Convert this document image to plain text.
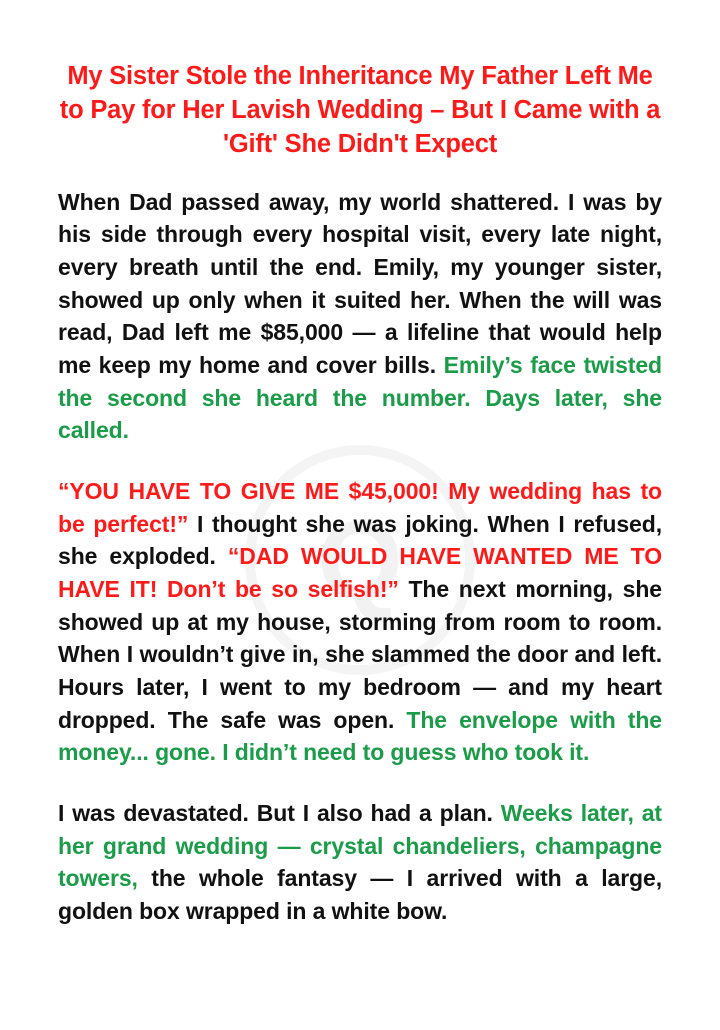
Q
My Sister Stole the Inheritance My Father Left Me to Pay for Her Lavish Wedding – But I Came with a 'Gift' She Didn't Expect

When Dad passed away, my world shattered. I was by his side through every hospital visit, every late night, every breath until the end. Emily, my younger sister, showed up only when it suited her. When the will was read, Dad left me $85,000 — a lifeline that would help me keep my home and cover bills. Emily’s face twisted the second she heard the number. Days later, she called.

“YOU HAVE TO GIVE ME $45,000! My wedding has to be perfect!” I thought she was joking. When I refused, she exploded. “DAD WOULD HAVE WANTED ME TO HAVE IT! Don’t be so selfish!” The next morning, she showed up at my house, storming from room to room. When I wouldn’t give in, she slammed the door and left. Hours later, I went to my bedroom — and my heart dropped. The safe was open. The envelope with the money... gone. I didn’t need to guess who took it.

I was devastated. But I also had a plan. Weeks later, at her grand wedding — crystal chandeliers, champagne towers, the whole fantasy — I arrived with a large, golden box wrapped in a white bow.
